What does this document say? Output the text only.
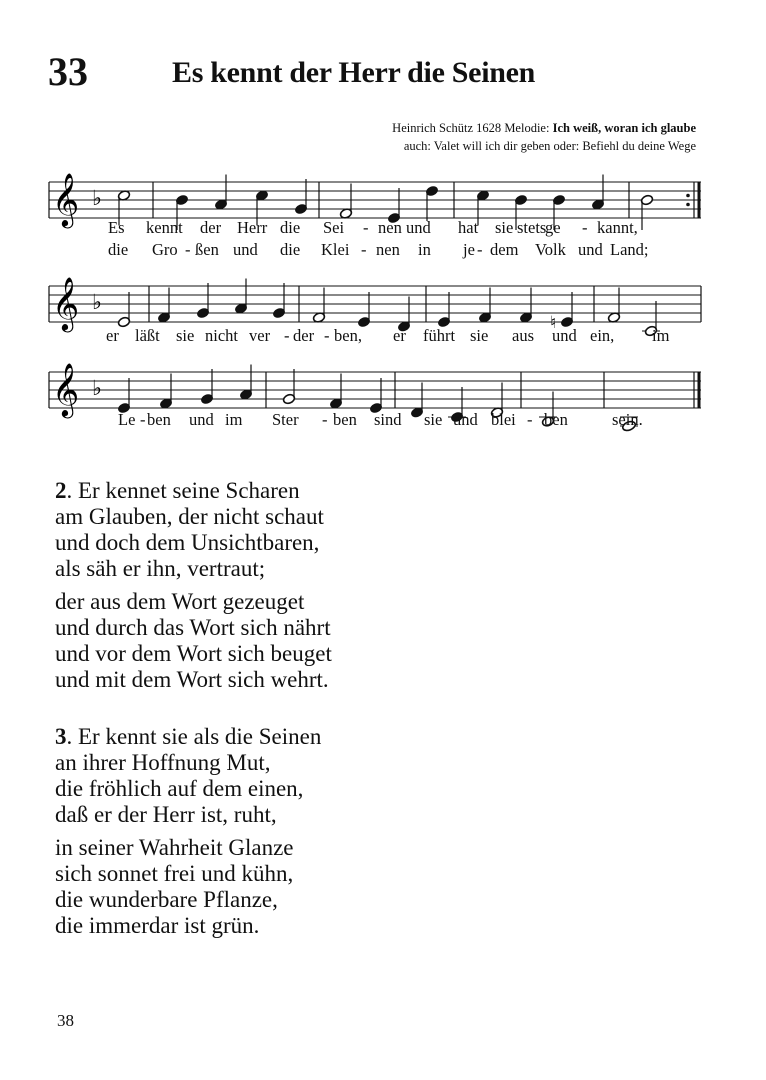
33	Es kennt der Herr die Seinen
Heinrich Schütz 1628 Melodie: Ich weiß, woran ich glaube
auch: Valet will ich dir geben oder: Befiehl du deine Wege
𝄞 ♭
𝄞 ♭
♮
𝄞 ♭
Es kennt der Herr die Sei - nen und hat sie stets
ge - kannt,
die Gro - ßen und die Klei - nen in je - dem Volk und Land;
er läßt sie nicht ver - der - ben, er führt sie aus und ein, im
Le - ben und im Ster - ben sind sie und blei - ben	sein.
2. Er kennet seine Scharen
am Glauben, der nicht schaut
und doch dem Unsichtbaren,
als säh er ihn, vertraut;
der aus dem Wort gezeuget
und durch das Wort sich nährt
und vor dem Wort sich beuget
und mit dem Wort sich wehrt.
3. Er kennt sie als die Seinen
an ihrer Hoffnung Mut,
die fröhlich auf dem einen,
daß er der Herr ist, ruht,
in seiner Wahrheit Glanze
sich sonnet frei und kühn,
die wunderbare Pflanze,
die immerdar ist grün.
38
